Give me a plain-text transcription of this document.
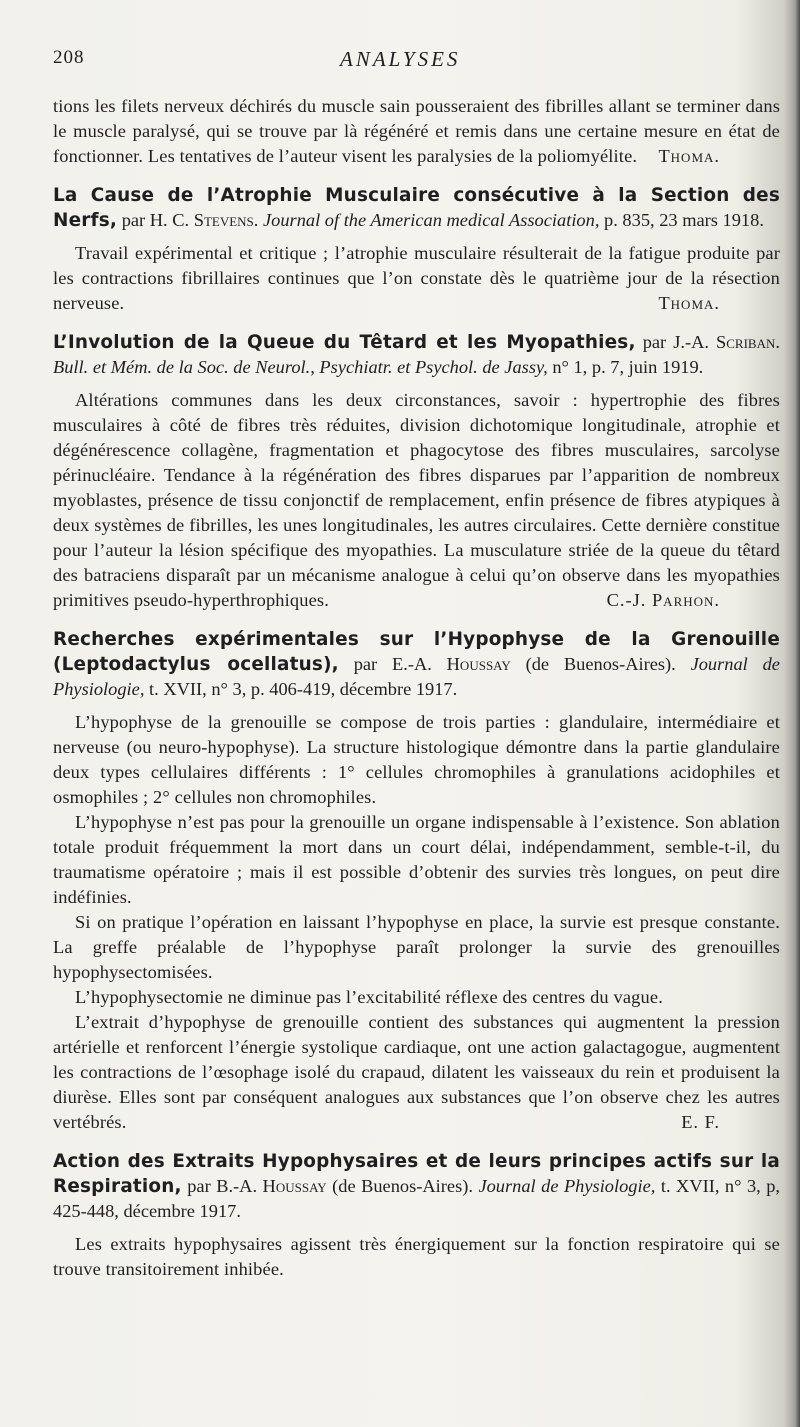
208	ANALYSES

tions les filets nerveux déchirés du muscle sain pousseraient des fibrilles allant se terminer dans le muscle paralysé, qui se trouve par là régénéré et remis dans une certaine mesure en état de fonctionner. Les tentatives de l’auteur visent les paralysies de la poliomyélite. Thoma.

La Cause de l’Atrophie Musculaire consécutive à la Section des Nerfs, par H. C. Stevens. Journal of the American medical Association, p. 835, 23 mars 1918.

Travail expérimental et critique ; l’atrophie musculaire résulterait de la fatigue produite par les contractions fibrillaires continues que l’on constate dès le quatrième jour de la résection nerveuse.	Thoma.

L’Involution de la Queue du Têtard et les Myopathies, par J.-A. Scriban. Bull. et Mém. de la Soc. de Neurol., Psychiatr. et Psychol. de Jassy, n° 1, p. 7, juin 1919.

Altérations communes dans les deux circonstances, savoir : hypertrophie des fibres musculaires à côté de fibres très réduites, division dichotomique longitudinale, atrophie et dégénérescence collagène, fragmentation et phagocytose des fibres musculaires, sarcolyse périnucléaire. Tendance à la régénération des fibres disparues par l’apparition de nombreux myoblastes, présence de tissu conjonctif de remplacement, enfin présence de fibres atypiques à deux systèmes de fibrilles, les unes longitudinales, les autres circulaires. Cette dernière constitue pour l’auteur la lésion spécifique des myopathies. La musculature striée de la queue du têtard des batraciens disparaît par un mécanisme analogue à celui qu’on observe dans les myopathies primitives pseudo-hyperthrophiques.	C.-J. Parhon.

Recherches expérimentales sur l’Hypophyse de la Grenouille (Leptodactylus ocellatus), par E.-A. Houssay (de Buenos-Aires). Journal de Physiologie, t. XVII, n° 3, p. 406-419, décembre 1917.

L’hypophyse de la grenouille se compose de trois parties : glandulaire, intermédiaire et nerveuse (ou neuro-hypophyse). La structure histologique démontre dans la partie glandulaire deux types cellulaires différents : 1° cellules chromophiles à granulations acidophiles et osmophiles ; 2° cellules non chromophiles.

L’hypophyse n’est pas pour la grenouille un organe indispensable à l’existence. Son ablation totale produit fréquemment la mort dans un court délai, indépendamment, semble-t-il, du traumatisme opératoire ; mais il est possible d’obtenir des survies très longues, on peut dire indéfinies.

Si on pratique l’opération en laissant l’hypophyse en place, la survie est presque constante. La greffe préalable de l’hypophyse paraît prolonger la survie des grenouilles hypophysectomisées.

L’hypophysectomie ne diminue pas l’excitabilité réflexe des centres du vague.

L’extrait d’hypophyse de grenouille contient des substances qui augmentent la pression artérielle et renforcent l’énergie systolique cardiaque, ont une action galactagogue, augmentent les contractions de l’œsophage isolé du crapaud, dilatent les vaisseaux du rein et produisent la diurèse. Elles sont par conséquent analogues aux substances que l’on observe chez les autres vertébrés.	E. F.

Action des Extraits Hypophysaires et de leurs principes actifs sur la Respiration, par B.-A. Houssay (de Buenos-Aires). Journal de Physiologie, t. XVII, n° 3, p, 425-448, décembre 1917.

Les extraits hypophysaires agissent très énergiquement sur la fonction respiratoire qui se trouve transitoirement inhibée.
